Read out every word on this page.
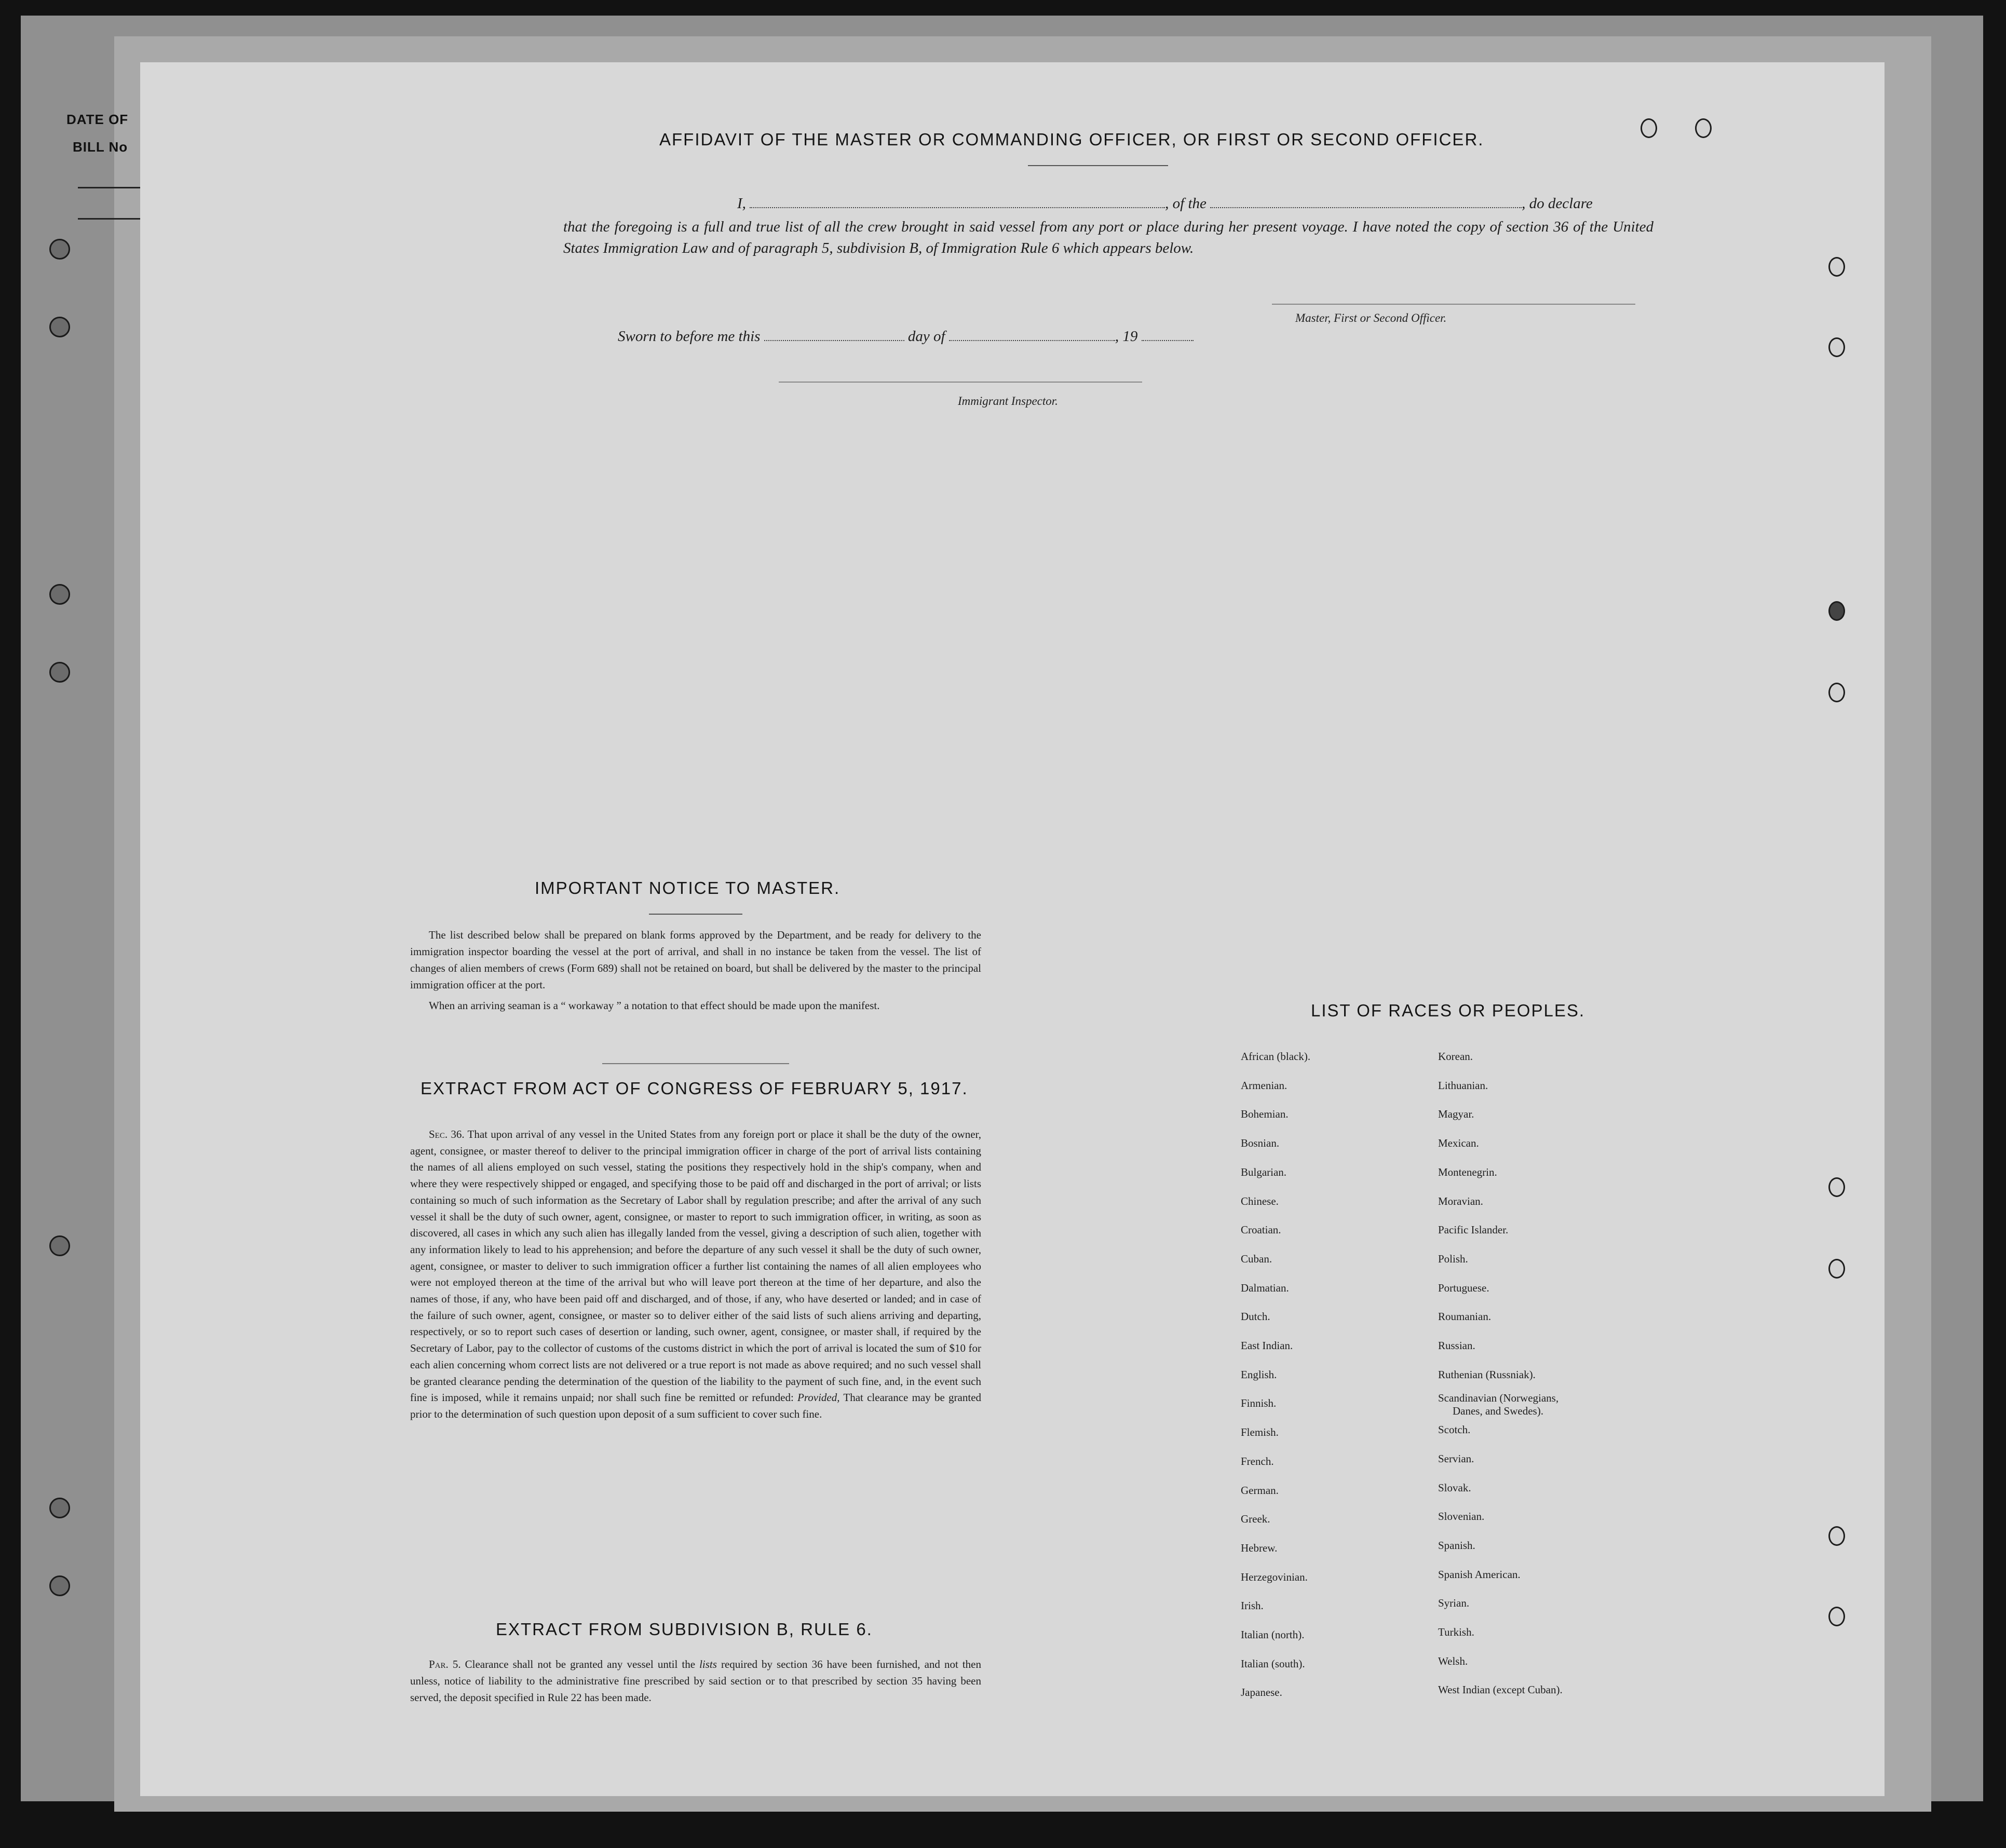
DATE OF
BILL No	AFFIDAVIT OF THE MASTER OR COMMANDING OFFICER, OR FIRST OR SECOND OFFICER.
I,	, of the	, do declare
that the foregoing is a full and true list of all the crew brought in said vessel from any port or place during her present voyage. I have noted the copy of section 36 of the United States Immigration Law and of paragraph 5, subdivision B, of Immigration Rule 6 which appears below.
Master, First or Second Officer.
Sworn to before me this	day of	, 19
Immigrant Inspector.
IMPORTANT NOTICE TO MASTER.

The list described below shall be prepared on blank forms approved by the Department, and be ready for delivery to the immigration inspector boarding the vessel at the port of arrival, and shall in no instance be taken from the vessel. The list of changes of alien members of crews (Form 689) shall not be retained on board, but shall be delivered by the master to the principal immigration officer at the port.

When an arriving seaman is a “ workaway ” a notation to that effect should be made upon the manifest.

EXTRACT FROM ACT OF CONGRESS OF FEBRUARY 5, 1917.

Sec. 36. That upon arrival of any vessel in the United States from any foreign port or place it shall be the duty of the owner, agent, consignee, or master thereof to deliver to the principal immigration officer in charge of the port of arrival lists containing the names of all aliens employed on such vessel, stating the positions they respectively hold in the ship's company, when and where they were respectively shipped or engaged, and specifying those to be paid off and discharged in the port of arrival; or lists containing so much of such information as the Secretary of Labor shall by regulation prescribe; and after the arrival of any such vessel it shall be the duty of such owner, agent, consignee, or master to report to such immigration officer, in writing, as soon as discovered, all cases in which any such alien has illegally landed from the vessel, giving a description of such alien, together with any information likely to lead to his apprehension; and before the departure of any such vessel it shall be the duty of such owner, agent, consignee, or master to deliver to such immigration officer a further list containing the names of all alien employees who were not employed thereon at the time of the arrival but who will leave port thereon at the time of her departure, and also the names of those, if any, who have been paid off and discharged, and of those, if any, who have deserted or landed; and in case of the failure of such owner, agent, consignee, or master so to deliver either of the said lists of such aliens arriving and departing, respectively, or so to report such cases of desertion or landing, such owner, agent, consignee, or master shall, if required by the Secretary of Labor, pay to the collector of customs of the customs district in which the port of arrival is located the sum of $10 for each alien concerning whom correct lists are not delivered or a true report is not made as above required; and no such vessel shall be granted clearance pending the determination of the question of the liability to the payment of such fine, and, in the event such fine is imposed, while it remains unpaid; nor shall such fine be remitted or refunded: Provided, That clearance may be granted prior to the determination of such question upon deposit of a sum sufficient to cover such fine.

EXTRACT FROM SUBDIVISION B, RULE 6.

Par. 5. Clearance shall not be granted any vessel until the lists required by section 36 have been furnished, and not then unless, notice of liability to the administrative fine prescribed by said section or to that prescribed by section 35 having been served, the deposit specified in Rule 22 has been made.

LIST OF RACES OR PEOPLES.
African (black).
Armenian.
Bohemian.
Bosnian.
Bulgarian.
Chinese.
Croatian.
Cuban.
Dalmatian.
Dutch.
East Indian.
English.
Finnish.
Flemish.
French.
German.
Greek.
Hebrew.
Herzegovinian.
Irish.
Italian (north).
Italian (south).
Japanese.
Korean.
Lithuanian.
Magyar.
Mexican.
Montenegrin.
Moravian.
Pacific Islander.
Polish.
Portuguese.
Roumanian.
Russian.
Ruthenian (Russniak).
Scandinavian (Norwegians,
Danes, and Swedes).
Scotch.
Servian.
Slovak.
Slovenian.
Spanish.
Spanish American.
Syrian.
Turkish.
Welsh.
West Indian (except Cuban).
